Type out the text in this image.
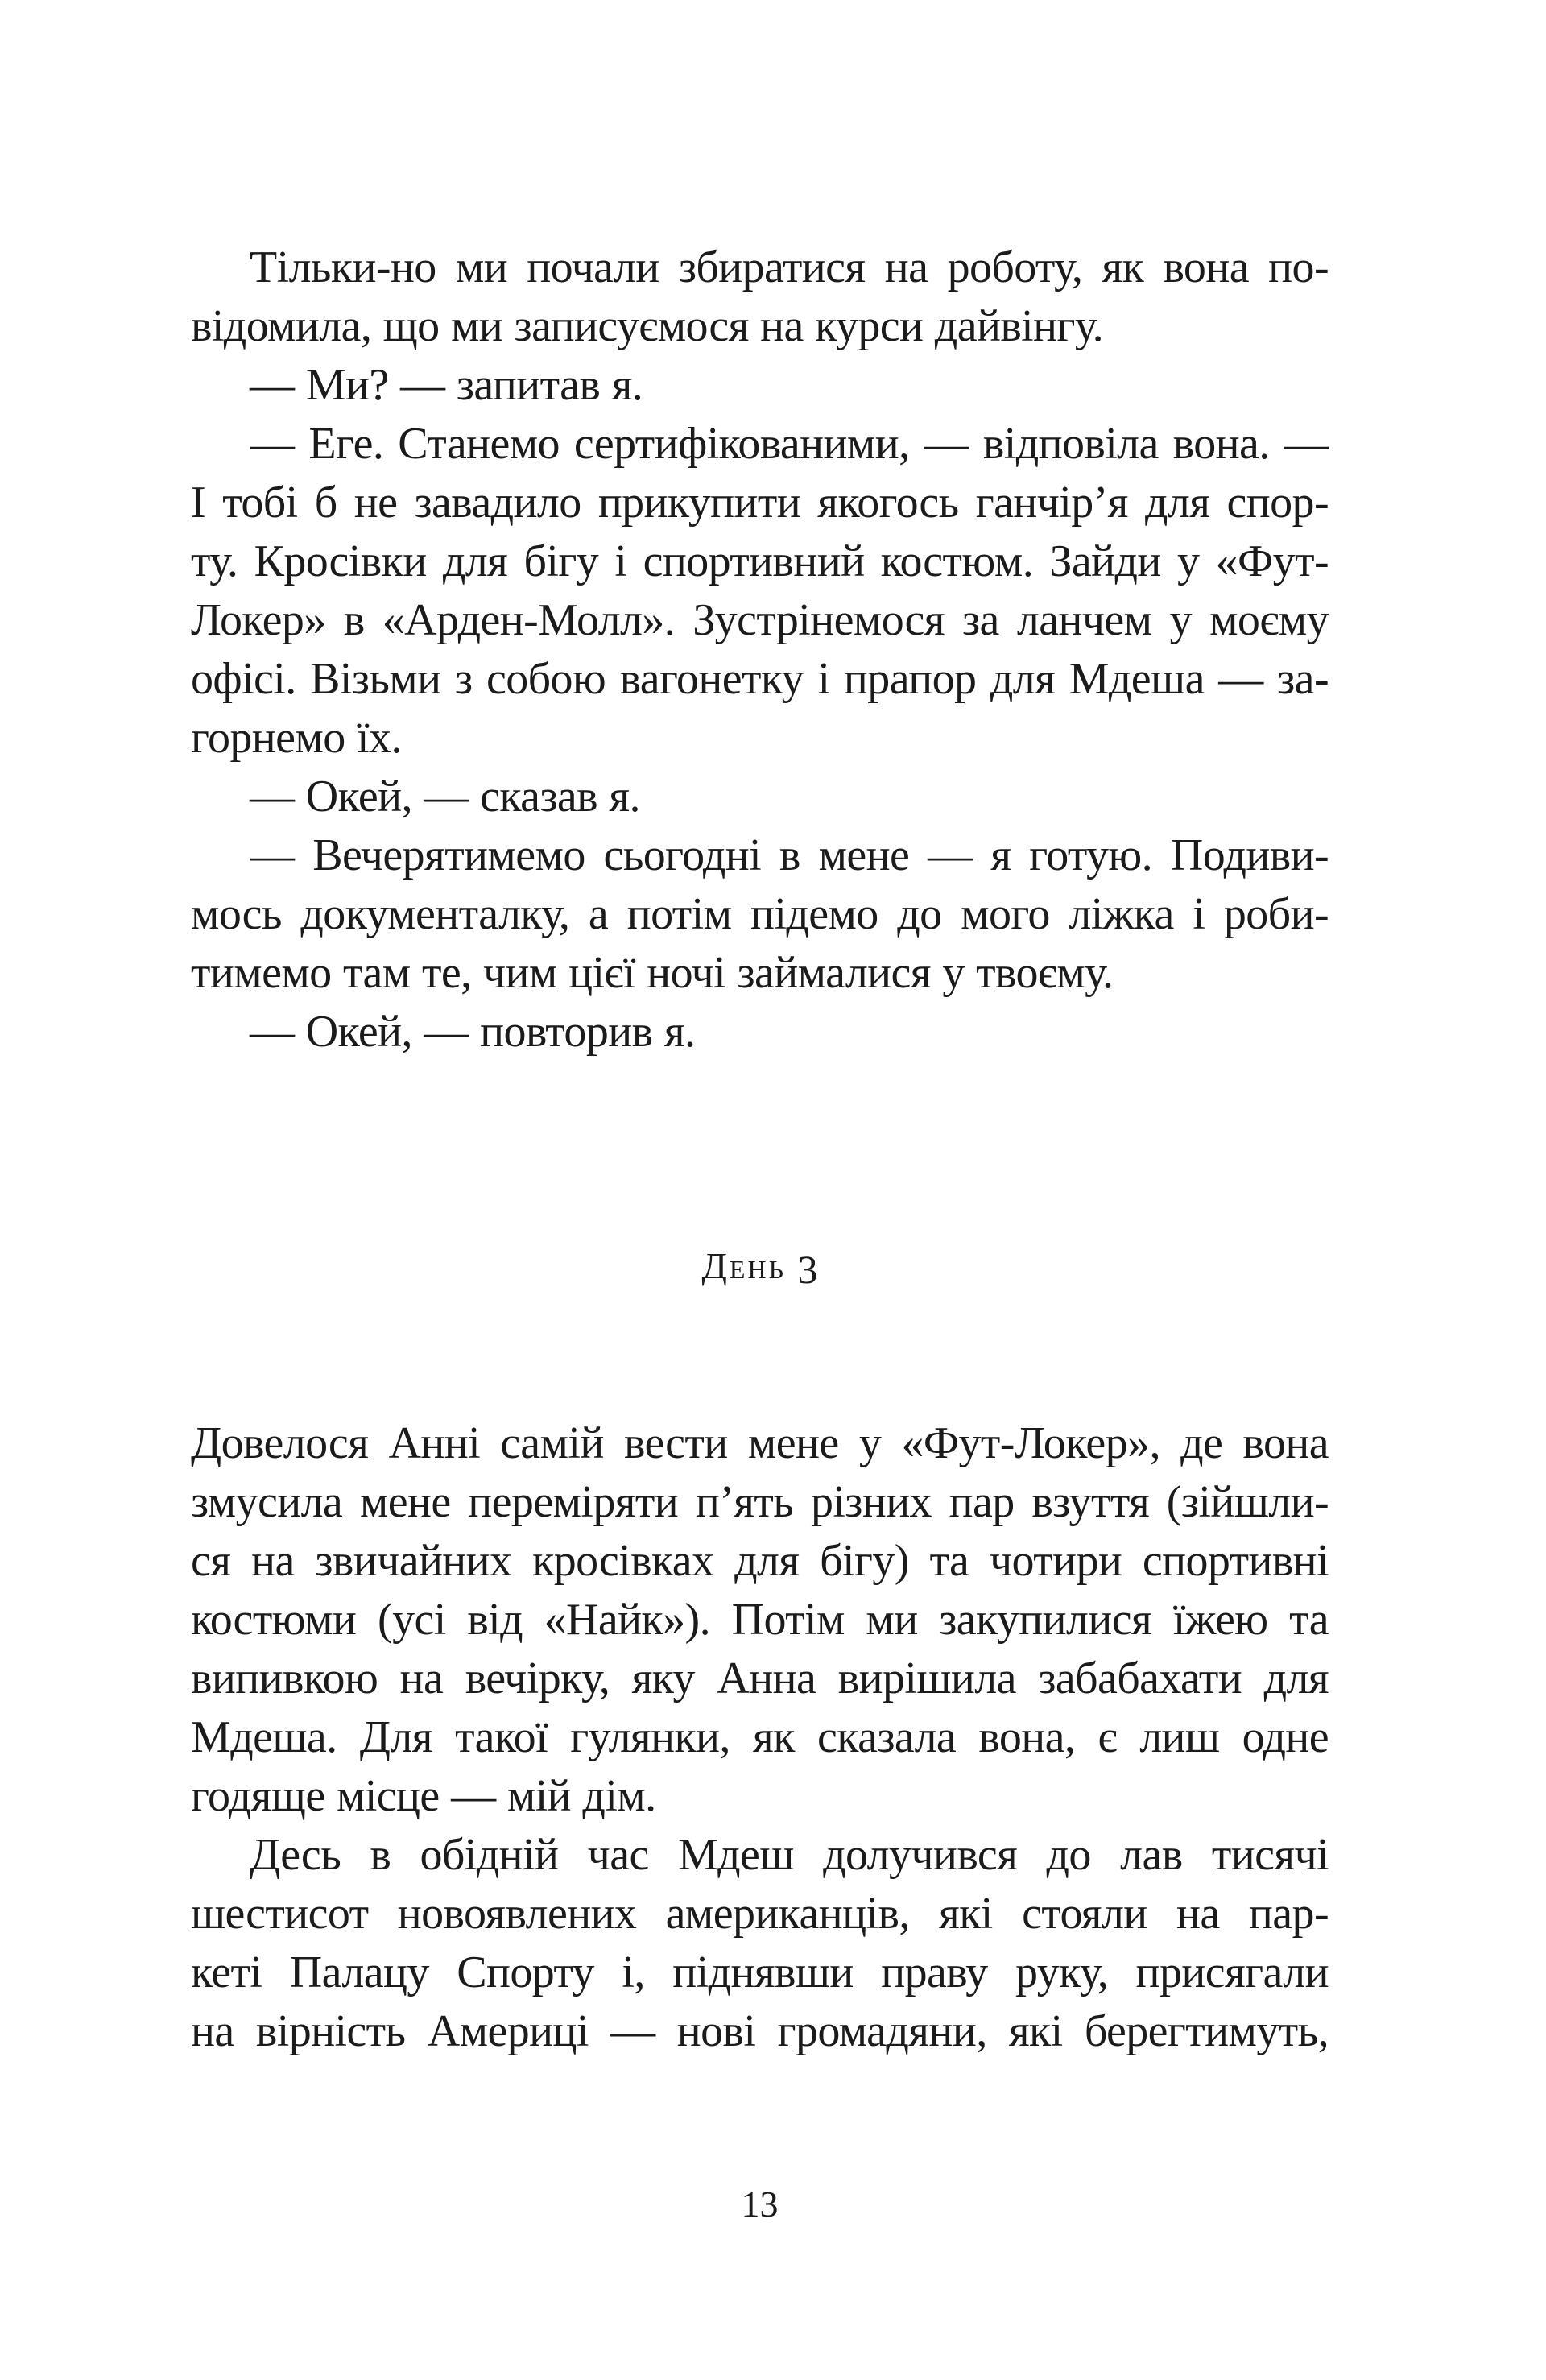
Тільки-но ми почали збиратися на роботу, як вона по-
відомила, що ми записуємося на курси дайвінгу.
— Ми? — запитав я.
— Еге. Станемо сертифікованими, — відповіла вона. —
І тобі б не завадило прикупити якогось ганчір’я для спор-
ту. Кросівки для бігу і спортивний костюм. Зайди у «Фут-
Локер» в «Арден-Молл». Зустрінемося за ланчем у моєму
офісі. Візьми з собою вагонетку і прапор для Мдеша — за-
горнемо їх.
— Окей, — сказав я.
— Вечерятимемо сьогодні в мене — я готую. Подиви-
мось документалку, а потім підемо до мого ліжка і роби-
тимемо там те, чим цієї ночі займалися у твоєму.
— Окей, — повторив я.
День 3
Довелося Анні самій вести мене у «Фут-Локер», де вона
змусила мене переміряти п’ять різних пар взуття (зійшли-
ся на звичайних кросівках для бігу) та чотири спортивні
костюми (усі від «Найк»). Потім ми закупилися їжею та
випивкою на вечірку, яку Анна вирішила забабахати для
Мдеша. Для такої гулянки, як сказала вона, є лиш одне
годяще місце — мій дім.
Десь в обідній час Мдеш долучився до лав тисячі
шестисот новоявлених американців, які стояли на пар-
кеті Палацу Спорту і, піднявши праву руку, присягали
на вірність Америці — нові громадяни, які берегтимуть,
13
